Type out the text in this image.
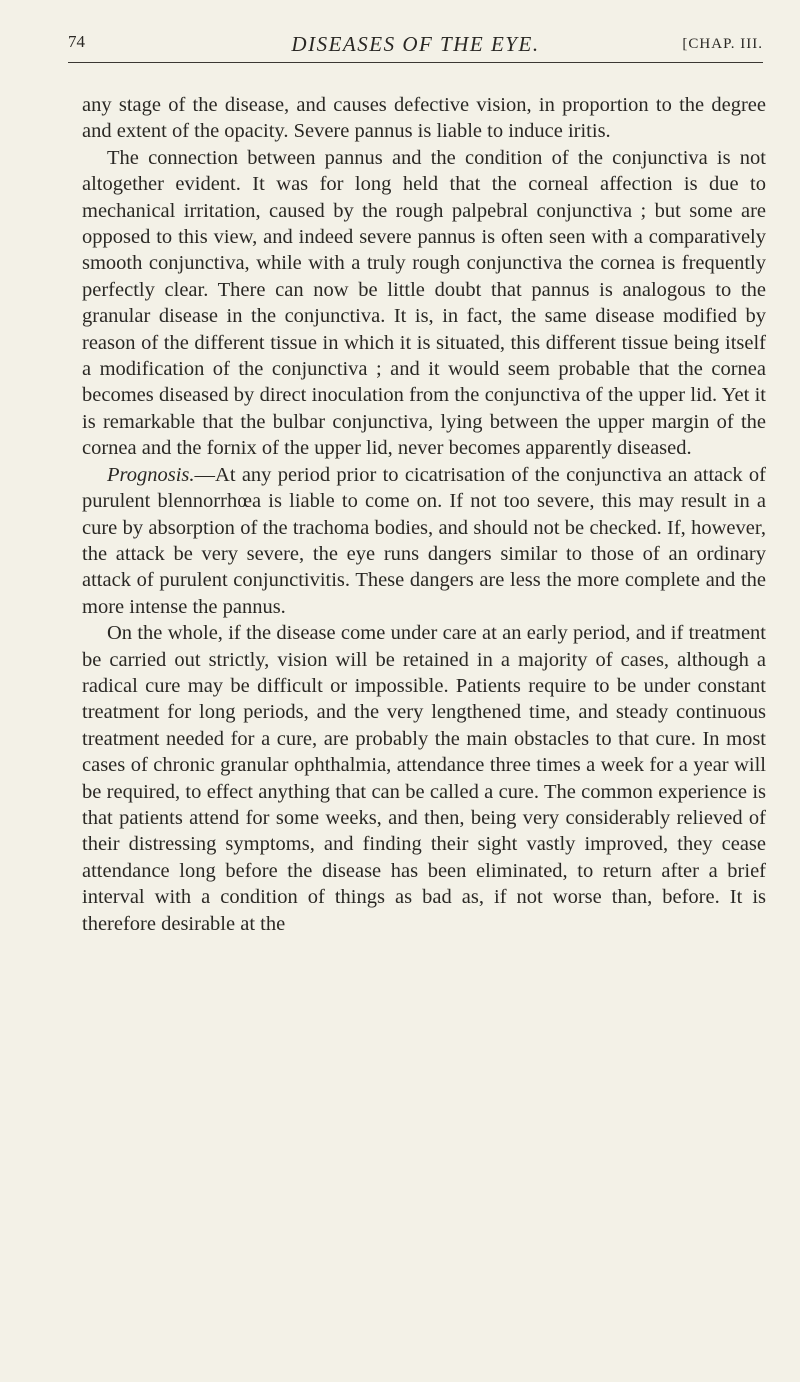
74	DISEASES OF THE EYE.	[CHAP. III.

any stage of the disease, and causes defective vision, in proportion to the degree and extent of the opacity. Severe pannus is liable to induce iritis.

The connection between pannus and the condition of the conjunctiva is not altogether evident. It was for long held that the corneal affection is due to mechanical irritation, caused by the rough palpebral conjunctiva ; but some are opposed to this view, and indeed severe pannus is often seen with a comparatively smooth conjunctiva, while with a truly rough conjunctiva the cornea is frequently perfectly clear. There can now be little doubt that pannus is analogous to the granular disease in the conjunctiva. It is, in fact, the same disease modified by reason of the different tissue in which it is situated, this different tissue being itself a modification of the conjunctiva ; and it would seem probable that the cornea becomes diseased by direct inoculation from the conjunctiva of the upper lid. Yet it is remarkable that the bulbar conjunctiva, lying between the upper margin of the cornea and the fornix of the upper lid, never becomes apparently diseased.

Prognosis.—At any period prior to cicatrisation of the conjunctiva an attack of purulent blennorrhœa is liable to come on. If not too severe, this may result in a cure by absorption of the trachoma bodies, and should not be checked. If, however, the attack be very severe, the eye runs dangers similar to those of an ordinary attack of purulent conjunctivitis. These dangers are less the more complete and the more intense the pannus.

On the whole, if the disease come under care at an early period, and if treatment be carried out strictly, vision will be retained in a majority of cases, although a radical cure may be difficult or impossible. Patients require to be under constant treatment for long periods, and the very lengthened time, and steady continuous treatment needed for a cure, are probably the main obstacles to that cure. In most cases of chronic granular ophthalmia, attendance three times a week for a year will be required, to effect anything that can be called a cure. The common experience is that patients attend for some weeks, and then, being very considerably relieved of their distressing symptoms, and finding their sight vastly improved, they cease attendance long before the disease has been eliminated, to return after a brief interval with a condition of things as bad as, if not worse than, before. It is therefore desirable at the
